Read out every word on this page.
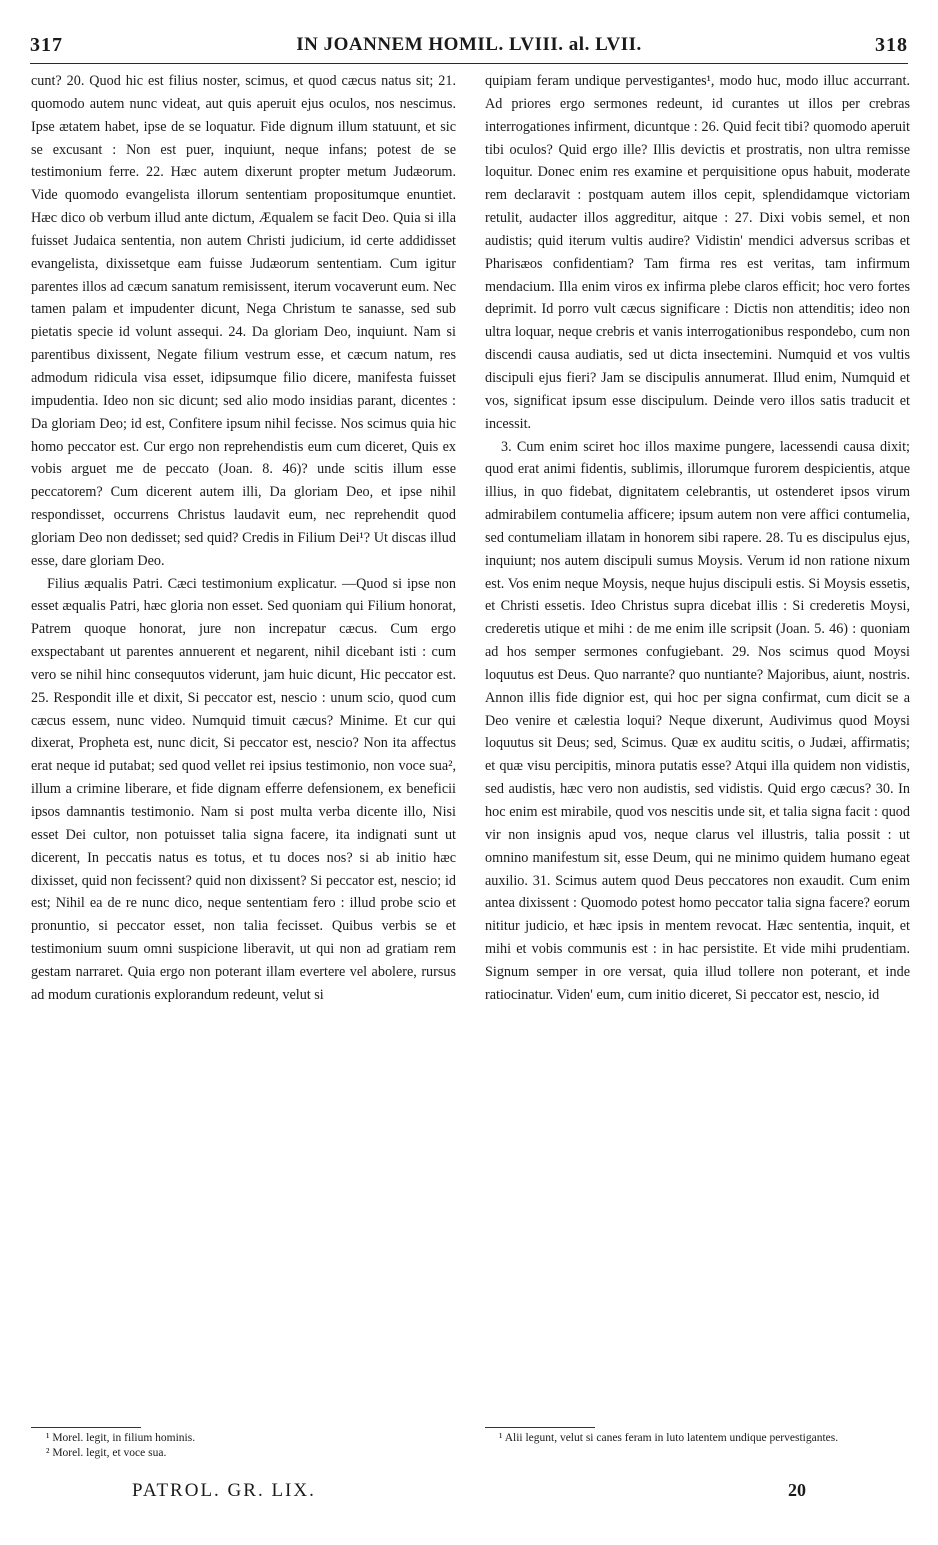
317	IN JOANNEM HOMIL. LVIII. al. LVII.	318

cunt? 20. Quod hic est filius noster, scimus, et quod cæcus natus sit; 21. quomodo autem nunc videat, aut quis aperuit ejus oculos, nos nescimus. Ipse ætatem habet, ipse de se loquatur. Fide dignum illum statuunt, et sic se excusant : Non est puer, inquiunt, neque infans; potest de se testimonium ferre. 22. Hæc autem dixerunt propter metum Judæorum. Vide quomodo evangelista illorum sententiam propositumque enuntiet. Hæc dico ob verbum illud ante dictum, Æqualem se facit Deo. Quia si illa fuisset Judaica sententia, non autem Christi judicium, id certe addidisset evangelista, dixissetque eam fuisse Judæorum sententiam. Cum igitur parentes illos ad cæcum sanatum remisissent, iterum vocaverunt eum. Nec tamen palam et impudenter dicunt, Nega Christum te sanasse, sed sub pietatis specie id volunt assequi. 24. Da gloriam Deo, inquiunt. Nam si parentibus dixissent, Negate filium vestrum esse, et cæcum natum, res admodum ridicula visa esset, idipsumque filio dicere, manifesta fuisset impudentia. Ideo non sic dicunt; sed alio modo insidias parant, dicentes : Da gloriam Deo; id est, Confitere ipsum nihil fecisse. Nos scimus quia hic homo peccator est. Cur ergo non reprehendistis eum cum diceret, Quis ex vobis arguet me de peccato (Joan. 8. 46)? unde scitis illum esse peccatorem? Cum dicerent autem illi, Da gloriam Deo, et ipse nihil respondisset, occurrens Christus laudavit eum, nec reprehendit quod gloriam Deo non dedisset; sed quid? Credis in Filium Dei¹? Ut discas illud esse, dare gloriam Deo.

Filius æqualis Patri. Cæci testimonium explicatur. —Quod si ipse non esset æqualis Patri, hæc gloria non esset. Sed quoniam qui Filium honorat, Patrem quoque honorat, jure non increpatur cæcus. Cum ergo exspectabant ut parentes annuerent et negarent, nihil dicebant isti : cum vero se nihil hinc consequutos viderunt, jam huic dicunt, Hic peccator est. 25. Respondit ille et dixit, Si peccator est, nescio : unum scio, quod cum cæcus essem, nunc video. Numquid timuit cæcus? Minime. Et cur qui dixerat, Propheta est, nunc dicit, Si peccator est, nescio? Non ita affectus erat neque id putabat; sed quod vellet rei ipsius testimonio, non voce sua², illum a crimine liberare, et fide dignam efferre defensionem, ex beneficii ipsos damnantis testimonio. Nam si post multa verba dicente illo, Nisi esset Dei cultor, non potuisset talia signa facere, ita indignati sunt ut dicerent, In peccatis natus es totus, et tu doces nos? si ab initio hæc dixisset, quid non fecissent? quid non dixissent? Si peccator est, nescio; id est; Nihil ea de re nunc dico, neque sententiam fero : illud probe scio et pronuntio, si peccator esset, non talia fecisset. Quibus verbis se et testimonium suum omni suspicione liberavit, ut qui non ad gratiam rem gestam narraret. Quia ergo non poterant illam evertere vel abolere, rursus ad modum curationis explorandum redeunt, velut si

quipiam feram undique pervestigantes¹, modo huc, modo illuc accurrant. Ad priores ergo sermones redeunt, id curantes ut illos per crebras interrogationes infirment, dicuntque : 26. Quid fecit tibi? quomodo aperuit tibi oculos? Quid ergo ille? Illis devictis et prostratis, non ultra remisse loquitur. Donec enim res examine et perquisitione opus habuit, moderate rem declaravit : postquam autem illos cepit, splendidamque victoriam retulit, audacter illos aggreditur, aitque : 27. Dixi vobis semel, et non audistis; quid iterum vultis audire? Vidistin' mendici adversus scribas et Pharisæos confidentiam? Tam firma res est veritas, tam infirmum mendacium. Illa enim viros ex infirma plebe claros efficit; hoc vero fortes deprimit. Id porro vult cæcus significare : Dictis non attenditis; ideo non ultra loquar, neque crebris et vanis interrogationibus respondebo, cum non discendi causa audiatis, sed ut dicta insectemini. Numquid et vos vultis discipuli ejus fieri? Jam se discipulis annumerat. Illud enim, Numquid et vos, significat ipsum esse discipulum. Deinde vero illos satis traducit et incessit.

3. Cum enim sciret hoc illos maxime pungere, lacessendi causa dixit; quod erat animi fidentis, sublimis, illorumque furorem despicientis, atque illius, in quo fidebat, dignitatem celebrantis, ut ostenderet ipsos virum admirabilem contumelia afficere; ipsum autem non vere affici contumelia, sed contumeliam illatam in honorem sibi rapere. 28. Tu es discipulus ejus, inquiunt; nos autem discipuli sumus Moysis. Verum id non ratione nixum est. Vos enim neque Moysis, neque hujus discipuli estis. Si Moysis essetis, et Christi essetis. Ideo Christus supra dicebat illis : Si crederetis Moysi, crederetis utique et mihi : de me enim ille scripsit (Joan. 5. 46) : quoniam ad hos semper sermones confugiebant. 29. Nos scimus quod Moysi loquutus est Deus. Quo narrante? quo nuntiante? Majoribus, aiunt, nostris. Annon illis fide dignior est, qui hoc per signa confirmat, cum dicit se a Deo venire et cælestia loqui? Neque dixerunt, Audivimus quod Moysi loquutus sit Deus; sed, Scimus. Quæ ex auditu scitis, o Judæi, affirmatis; et quæ visu percipitis, minora putatis esse? Atqui illa quidem non vidistis, sed audistis, hæc vero non audistis, sed vidistis. Quid ergo cæcus? 30. In hoc enim est mirabile, quod vos nescitis unde sit, et talia signa facit : quod vir non insignis apud vos, neque clarus vel illustris, talia possit : ut omnino manifestum sit, esse Deum, qui ne minimo quidem humano egeat auxilio. 31. Scimus autem quod Deus peccatores non exaudit. Cum enim antea dixissent : Quomodo potest homo peccator talia signa facere? eorum nititur judicio, et hæc ipsis in mentem revocat. Hæc sententia, inquit, et mihi et vobis communis est : in hac persistite. Et vide mihi prudentiam. Signum semper in ore versat, quia illud tollere non poterant, et inde ratiocinatur. Viden' eum, cum initio diceret, Si peccator est, nescio, id

¹ Morel. legit, in filium hominis.

² Morel. legit, et voce sua.

¹ Alii legunt, velut si canes feram in luto latentem undique pervestigantes.

PATROL. GR. LIX.	20
